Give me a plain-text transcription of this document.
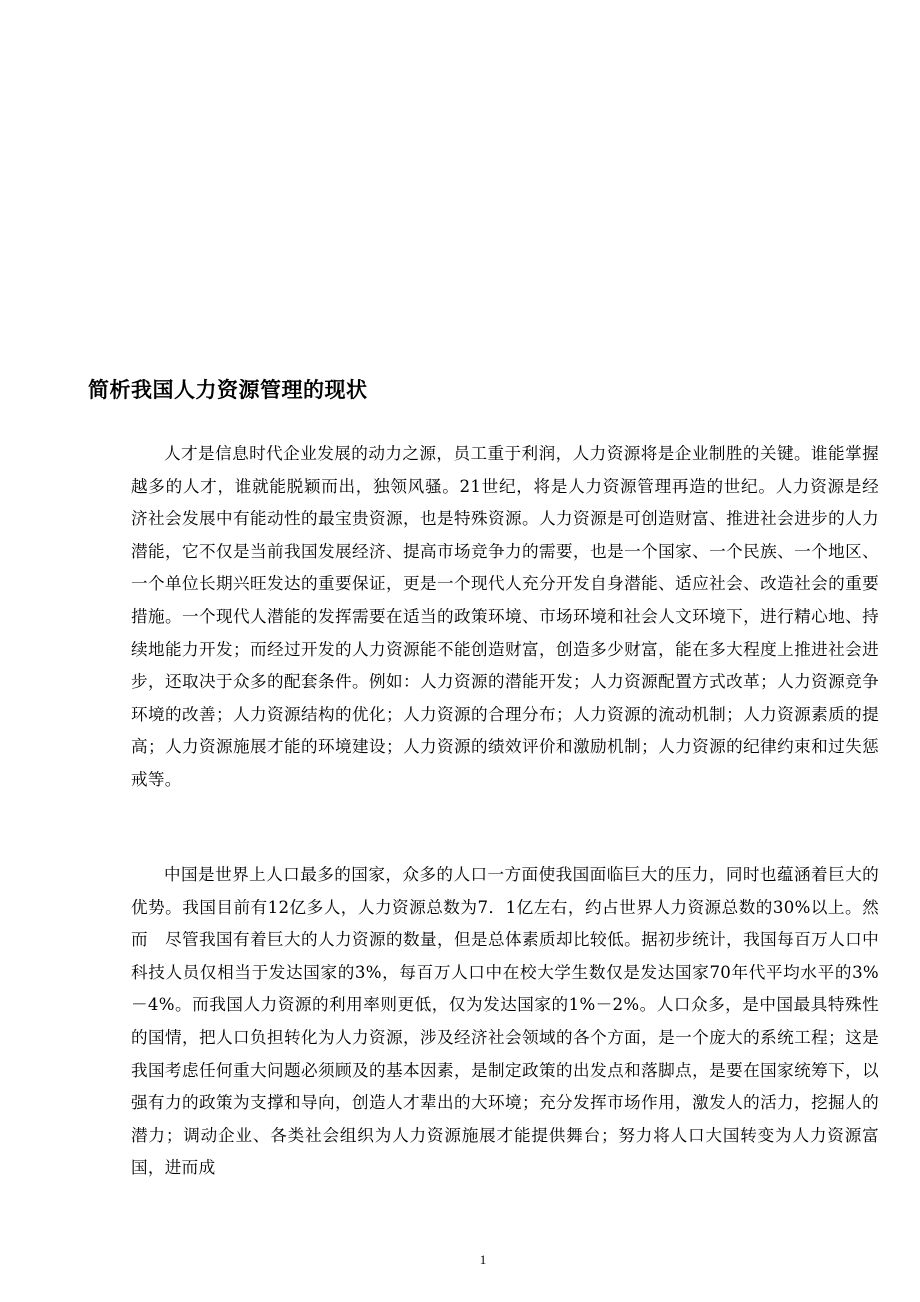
简析我国人力资源管理的现状

人才是信息时代企业发展的动力之源，员工重于利润，人力资源将是企业制胜的关键。谁能掌握越多的人才，谁就能脱颖而出，独领风骚。21世纪，将是人力资源管理再造的世纪。人力资源是经济社会发展中有能动性的最宝贵资源，也是特殊资源。人力资源是可创造财富、推进社会进步的人力潜能，它不仅是当前我国发展经济、提高市场竞争力的需要，也是一个国家、一个民族、一个地区、一个单位长期兴旺发达的重要保证，更是一个现代人充分开发自身潜能、适应社会、改造社会的重要措施。一个现代人潜能的发挥需要在适当的政策环境、市场环境和社会人文环境下，进行精心地、持续地能力开发；而经过开发的人力资源能不能创造财富，创造多少财富，能在多大程度上推进社会进步，还取决于众多的配套条件。例如：人力资源的潜能开发；人力资源配置方式改革；人力资源竞争环境的改善；人力资源结构的优化；人力资源的合理分布；人力资源的流动机制；人力资源素质的提高；人力资源施展才能的环境建设；人力资源的绩效评价和激励机制；人力资源的纪律约束和过失惩戒等。

中国是世界上人口最多的国家，众多的人口一方面使我国面临巨大的压力，同时也蕴涵着巨大的优势。我国目前有12亿多人，人力资源总数为7．1亿左右，约占世界人力资源总数的30%以上。然而　尽管我国有着巨大的人力资源的数量，但是总体素质却比较低。据初步统计，我国每百万人口中科技人员仅相当于发达国家的3%，每百万人口中在校大学生数仅是发达国家70年代平均水平的3%－4%。而我国人力资源的利用率则更低，仅为发达国家的1%－2%。人口众多，是中国最具特殊性的国情，把人口负担转化为人力资源，涉及经济社会领域的各个方面，是一个庞大的系统工程；这是我国考虑任何重大问题必须顾及的基本因素，是制定政策的出发点和落脚点，是要在国家统筹下，以强有力的政策为支撑和导向，创造人才辈出的大环境；充分发挥市场作用，激发人的活力，挖掘人的潜力；调动企业、各类社会组织为人力资源施展才能提供舞台；努力将人口大国转变为人力资源富国，进而成

1
